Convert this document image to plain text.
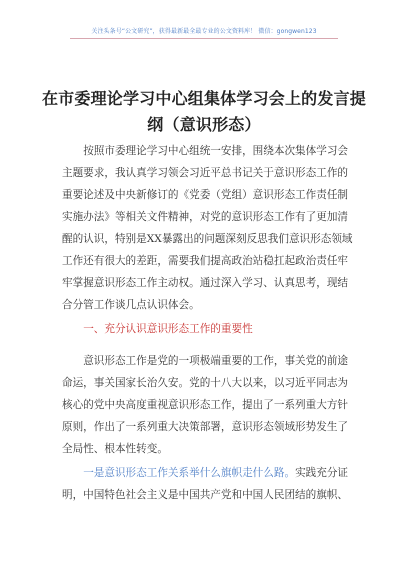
关注头条号“公文研究”，获得最新最全最专业的公文资料库！ 微信：gongwen123
在市委理论学习中心组集体学习会上的发言提
纲（意识形态）
按照市委理论学习中心组统一安排，围绕本次集体学习会
主题要求，我认真学习领会习近平总书记关于意识形态工作的
重要论述及中央新修订的《党委（党组）意识形态工作责任制
实施办法》等相关文件精神，对党的意识形态工作有了更加清
醒的认识，特别是XX暴露出的问题深刻反思我们意识形态领域
工作还有很大的差距，需要我们提高政治站稳扛起政治责任牢
牢掌握意识形态工作主动权。通过深入学习、认真思考，现结
合分管工作谈几点认识体会。
一、充分认识意识形态工作的重要性
意识形态工作是党的一项极端重要的工作，事关党的前途
命运，事关国家长治久安。党的十八大以来，以习近平同志为
核心的党中央高度重视意识形态工作，提出了一系列重大方针
原则，作出了一系列重大决策部署，意识形态领域形势发生了
全局性、根本性转变。
一是意识形态工作关系举什么旗帜走什么路。实践充分证
明，中国特色社会主义是中国共产党和中国人民团结的旗帜、
